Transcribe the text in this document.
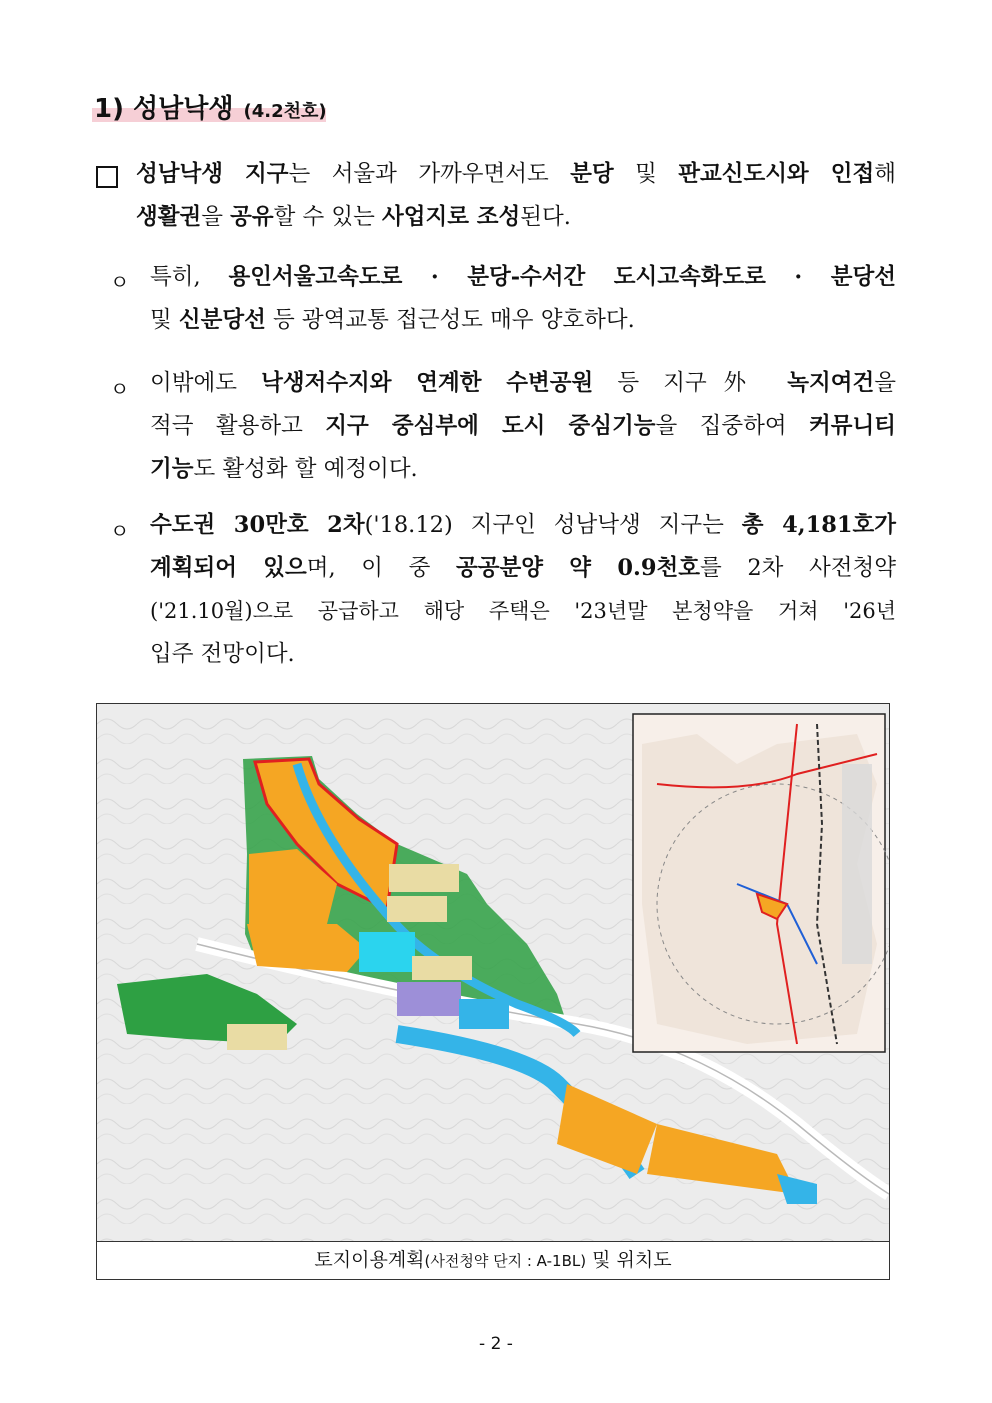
1) 성남낙생 (4.2천호)
성남낙생 지구는 서울과 가까우면서도 분당 및 판교신도시와 인접해
생활권을 공유할 수 있는 사업지로 조성된다.
ㅇ 특히, 용인서울고속도로 · 분당-수서간 도시고속화도로 · 분당선
및 신분당선 등 광역교통 접근성도 매우 양호하다.
ㅇ 이밖에도 낙생저수지와 연계한 수변공원 등 지구外 녹지여건을
적극 활용하고 지구 중심부에 도시 중심기능을 집중하여 커뮤니티
기능도 활성화 할 예정이다.
ㅇ 수도권 30만호 2차('18.12) 지구인 성남낙생 지구는 총 4,181호가
계획되어 있으며, 이 중 공공분양 약 0.9천호를 2차 사전청약
('21.10월)으로 공급하고 해당 주택은 '23년말 본청약을 거쳐 '26년
입주 전망이다.
토지이용계획(사전청약 단지 : A-1BL) 및 위치도
- 2 -
